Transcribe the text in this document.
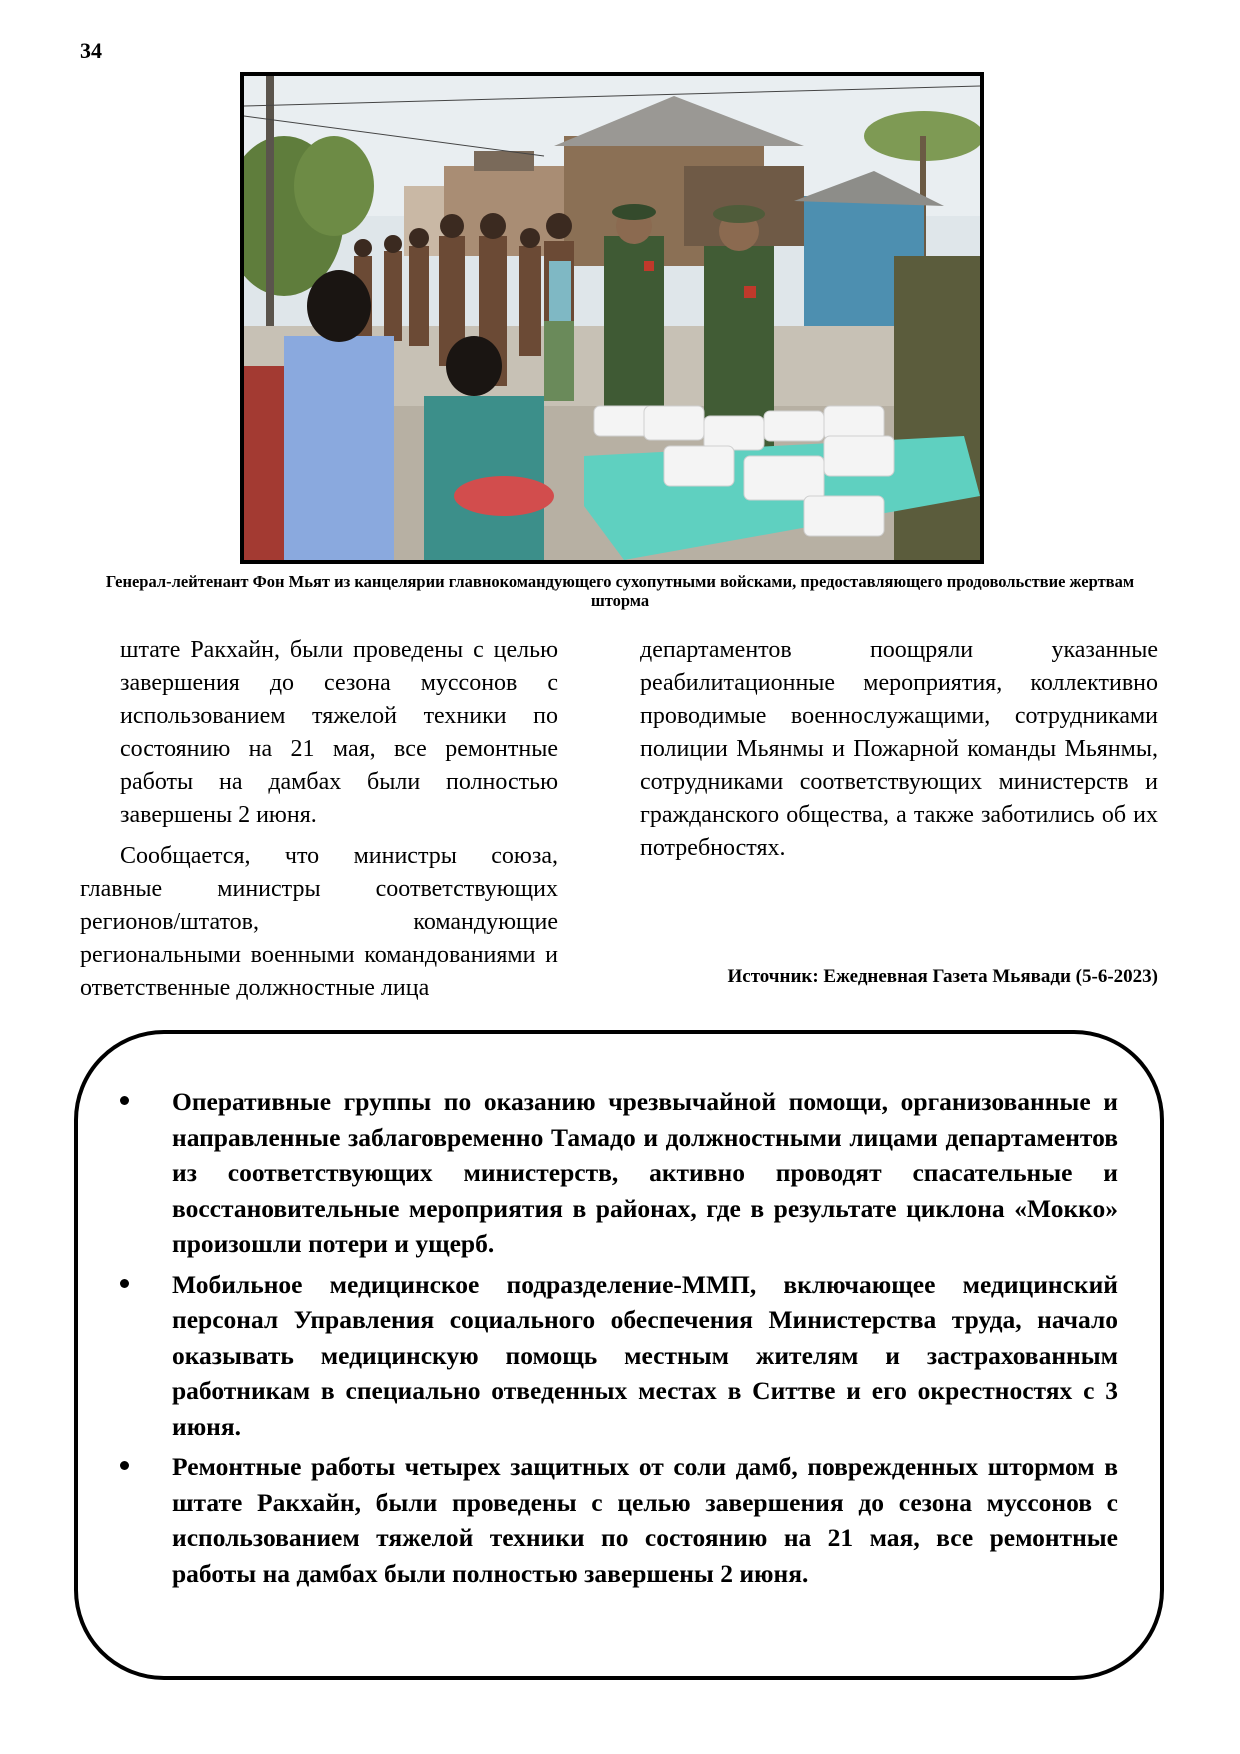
34
Генерал-лейтенант Фон Мьят из канцелярии главнокомандующего сухопутными войсками, предоставляющего продовольствие жертвам шторма

штате Ракхайн, были проведены с целью завершения до сезона муссонов с использованием тяжелой техники по состоянию на 21 мая, все ремонтные работы на дамбах были полностью завершены 2 июня.

Сообщается, что министры союза, главные министры соответствующих регионов/штатов, командующие региональными военными командованиями и ответственные должностные лица

департаментов поощряли указанные реабилитационные мероприятия, коллективно проводимые военнослужащими, сотрудниками полиции Мьянмы и Пожарной команды Мьянмы, сотрудниками соответствующих министерств и гражданского общества, а также заботились об их потребностях.

Источник: Ежедневная Газета Мьявади (5-6-2023)
Оперативные группы по оказанию чрезвычайной помощи, организованные и направленные заблаговременно Тамадо и должностными лицами департаментов из соответствующих министерств, активно проводят спасательные и восстановительные мероприятия в районах, где в результате циклона «Мокко» произошли потери и ущерб.
Мобильное медицинское подразделение-ММП, включающее медицинский персонал Управления социального обеспечения Министерства труда, начало оказывать медицинскую помощь местным жителям и застрахованным работникам в специально отведенных местах в Ситтве и его окрестностях с 3 июня.
Ремонтные работы четырех защитных от соли дамб, поврежденных штормом в штате Ракхайн, были проведены с целью завершения до сезона муссонов с использованием тяжелой техники по состоянию на 21 мая, все ремонтные работы на дамбах были полностью завершены 2 июня.
